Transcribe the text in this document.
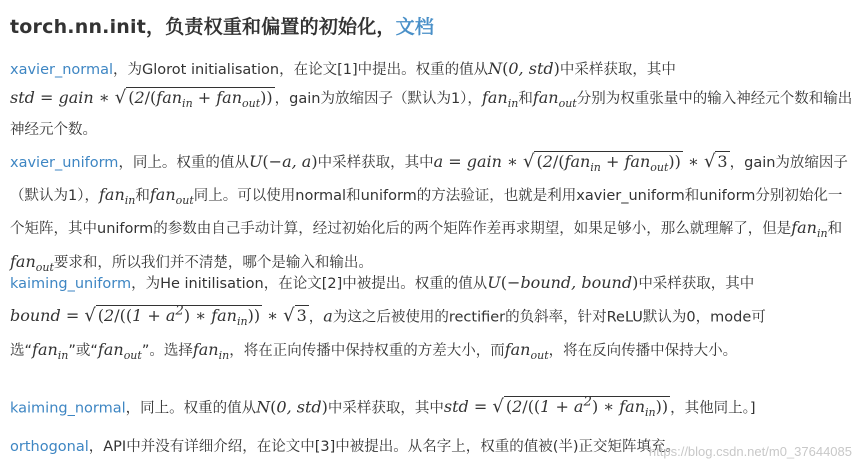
torch.nn.init，负责权重和偏置的初始化，文档
xavier_normal，为Glorot initialisation，在论文[1]中提出。权重的值从N(0, std)中采样获取，其中
std = gain ∗ √ (2/(fan$_{in}$ + fan$_{out}$)) ，gain为放缩因子（默认为1），fan$_{in}$和fan$_{out}$分别为权重张量中的输入神经元个数和输出神经元个数。
xavier_uniform，同上。权重的值从U(−a, a)中采样获取，其中a = gain ∗ √ (2/(fan$_{in}$ + fan$_{out}$)) ∗ √ 3 ，gain为放缩因子（默认为1），fan$_{in}$和fan$_{out}$同上。可以使用normal和uniform的方法验证，也就是利用xavier_uniform和uniform分别初始化一个矩阵，其中uniform的参数由自己手动计算，经过初始化后的两个矩阵作差再求期望，如果足够小，那么就理解了，但是fan$_{in}$和fan$_{out}$要求和，所以我们并不清楚，哪个是输入和输出。
kaiming_uniform，为He initilisation，在论文[2]中被提出。权重的值从U(−bound, bound)中采样获取，其中
bound = √ ($2/((1 + a^2)$ ∗ fan$_{in}$)) ∗ √ 3 ，a为这之后被使用的rectifier的负斜率，针对ReLU默认为0，mode可选“fan$_{in}$”或“fan$_{out}$”。选择fan$_{in}$，将在正向传播中保持权重的方差大小，而fan$_{out}$，将在反向传播中保持大小。
kaiming_normal，同上。权重的值从N(0, std)中采样获取，其中std = √ ($2/((1 + a^2)$ ∗ fan$_{in}$)) ，其他同上。]
orthogonal，API中并没有详细介绍，在论文中[3]中被提出。从名字上，权重的值被(半)正交矩阵填充。
https://blog.csdn.net/m0_37644085
